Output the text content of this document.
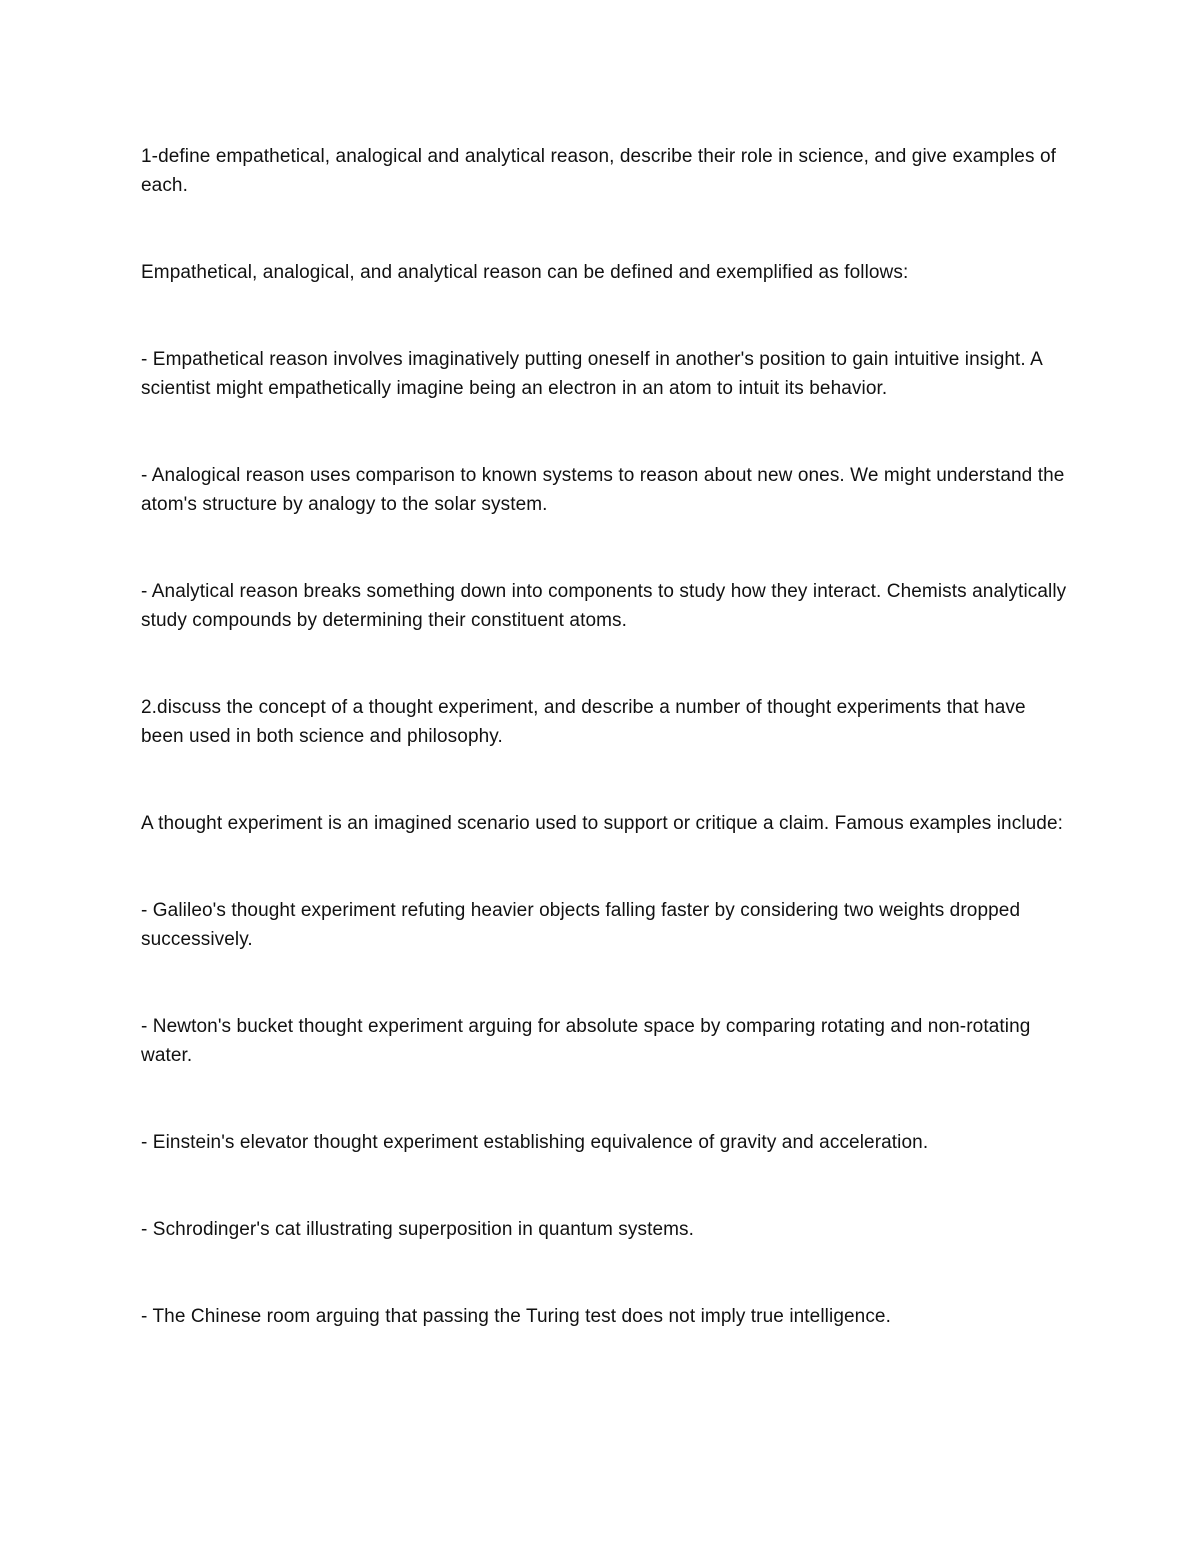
1-define empathetical, analogical and analytical reason, describe their role in science, and give examples of each.

Empathetical, analogical, and analytical reason can be defined and exemplified as follows:

- Empathetical reason involves imaginatively putting oneself in another's position to gain intuitive insight. A scientist might empathetically imagine being an electron in an atom to intuit its behavior.

- Analogical reason uses comparison to known systems to reason about new ones. We might understand the atom's structure by analogy to the solar system.

- Analytical reason breaks something down into components to study how they interact. Chemists analytically study compounds by determining their constituent atoms.

2.discuss the concept of a thought experiment, and describe a number of thought experiments that have been used in both science and philosophy.

A thought experiment is an imagined scenario used to support or critique a claim. Famous examples include:

- Galileo's thought experiment refuting heavier objects falling faster by considering two weights dropped successively.

- Newton's bucket thought experiment arguing for absolute space by comparing rotating and non-rotating water.

- Einstein's elevator thought experiment establishing equivalence of gravity and acceleration.

- Schrodinger's cat illustrating superposition in quantum systems.

- The Chinese room arguing that passing the Turing test does not imply true intelligence.
